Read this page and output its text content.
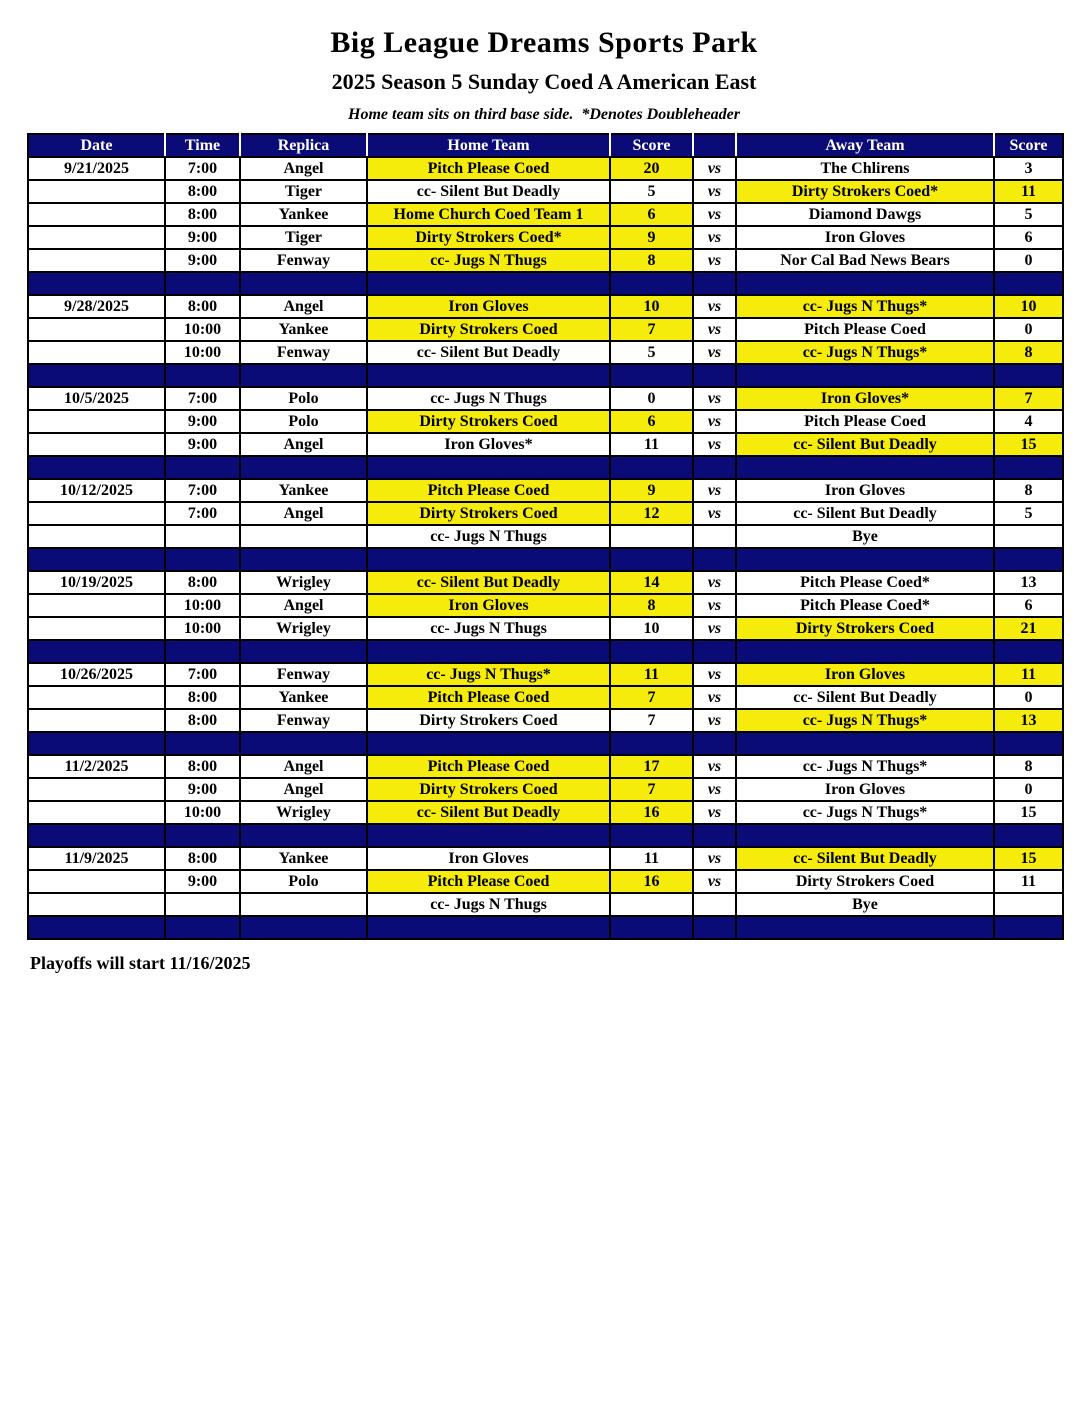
Big League Dreams Sports Park
2025 Season 5 Sunday Coed A American East
Home team sits on third base side.  *Denotes Doubleheader
Date	Time	Replica	Home Team	Score		Away Team	Score
9/21/2025	7:00	Angel	Pitch Please Coed	20	vs	The Chlirens	3
	8:00	Tiger	cc- Silent But Deadly	5	vs	Dirty Strokers Coed*	11
	8:00	Yankee	Home Church Coed Team 1	6	vs	Diamond Dawgs	5
	9:00	Tiger	Dirty Strokers Coed*	9	vs	Iron Gloves	6
	9:00	Fenway	cc- Jugs N Thugs	8	vs	Nor Cal Bad News Bears	0

9/28/2025	8:00	Angel	Iron Gloves	10	vs	cc- Jugs N Thugs*	10
	10:00	Yankee	Dirty Strokers Coed	7	vs	Pitch Please Coed	0
	10:00	Fenway	cc- Silent But Deadly	5	vs	cc- Jugs N Thugs*	8

10/5/2025	7:00	Polo	cc- Jugs N Thugs	0	vs	Iron Gloves*	7
	9:00	Polo	Dirty Strokers Coed	6	vs	Pitch Please Coed	4
	9:00	Angel	Iron Gloves*	11	vs	cc- Silent But Deadly	15

10/12/2025	7:00	Yankee	Pitch Please Coed	9	vs	Iron Gloves	8
	7:00	Angel	Dirty Strokers Coed	12	vs	cc- Silent But Deadly	5
			cc- Jugs N Thugs			Bye	

10/19/2025	8:00	Wrigley	cc- Silent But Deadly	14	vs	Pitch Please Coed*	13
	10:00	Angel	Iron Gloves	8	vs	Pitch Please Coed*	6
	10:00	Wrigley	cc- Jugs N Thugs	10	vs	Dirty Strokers Coed	21

10/26/2025	7:00	Fenway	cc- Jugs N Thugs*	11	vs	Iron Gloves	11
	8:00	Yankee	Pitch Please Coed	7	vs	cc- Silent But Deadly	0
	8:00	Fenway	Dirty Strokers Coed	7	vs	cc- Jugs N Thugs*	13

11/2/2025	8:00	Angel	Pitch Please Coed	17	vs	cc- Jugs N Thugs*	8
	9:00	Angel	Dirty Strokers Coed	7	vs	Iron Gloves	0
	10:00	Wrigley	cc- Silent But Deadly	16	vs	cc- Jugs N Thugs*	15

11/9/2025	8:00	Yankee	Iron Gloves	11	vs	cc- Silent But Deadly	15
	9:00	Polo	Pitch Please Coed	16	vs	Dirty Strokers Coed	11
			cc- Jugs N Thugs			Bye	

Playoffs will start 11/16/2025
